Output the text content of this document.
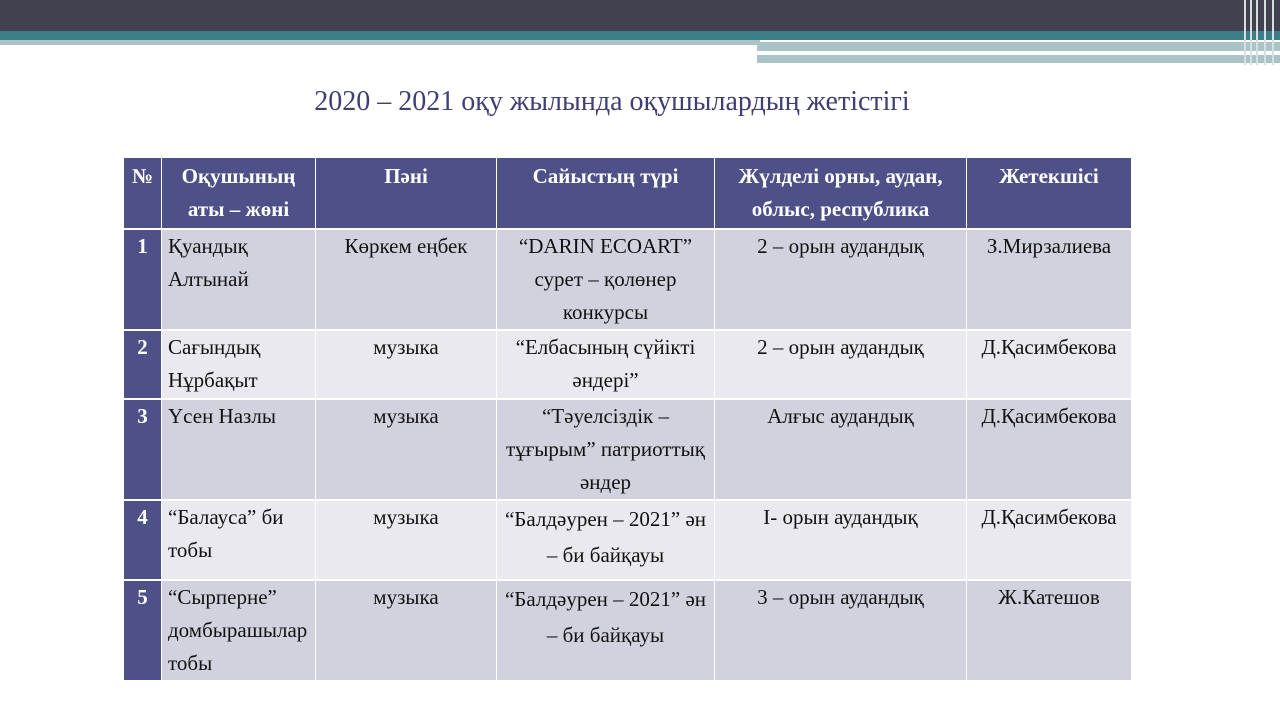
2020 – 2021 оқу жылында оқушылардың жетістігі
№	Оқушының аты – жөні	Пәні	Сайыстың түрі	Жүлделі орны, аудан, облыс, республика	Жетекшісі
1	Қуандық Алтынай	Көркем еңбек	“DARIN ECOART” сурет – қолөнер конкурсы	2 – орын аудандық	З.Мирзалиева
2	Сағындық Нұрбақыт	музыка	“Елбасының сүйікті әндері”	2 – орын аудандық	Д.Қасимбекова
3	Үсен Назлы	музыка	“Тәуелсіздік – тұғырым” патриоттық әндер	Алғыс аудандық	Д.Қасимбекова
4	“Балауса” би тобы	музыка	“Балдәурен – 2021” ән – би байқауы	І- орын аудандық	Д.Қасимбекова
5	“Сырперне” домбырашылар тобы	музыка	“Балдәурен – 2021” ән – би байқауы	3 – орын аудандық	Ж.Катешов
